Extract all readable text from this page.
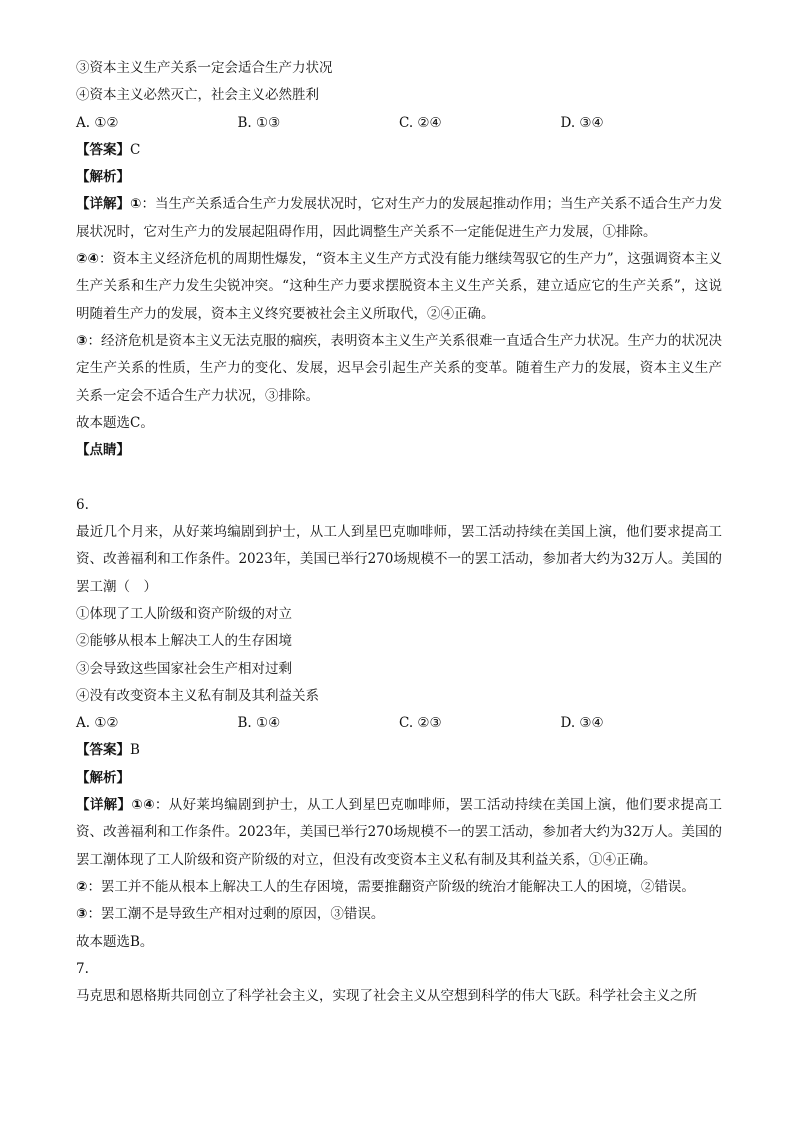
③资本主义生产关系一定会适合生产力状况
④资本主义必然灭亡，社会主义必然胜利
A. ①②	B. ①③	C. ②④	D. ③④
【答案】C
【解析】
【详解】①：当生产关系适合生产力发展状况时，它对生产力的发展起推动作用；当生产关系不适合生产力发展状况时，它对生产力的发展起阻碍作用，因此调整生产关系不一定能促进生产力发展，①排除。
②④：资本主义经济危机的周期性爆发，“资本主义生产方式没有能力继续驾驭它的生产力”，这强调资本主义生产关系和生产力发生尖锐冲突。“这种生产力要求摆脱资本主义生产关系，建立适应它的生产关系”，这说明随着生产力的发展，资本主义终究要被社会主义所取代，②④正确。
③：经济危机是资本主义无法克服的痼疾，表明资本主义生产关系很难一直适合生产力状况。生产力的状况决定生产关系的性质，生产力的变化、发展，迟早会引起生产关系的变革。随着生产力的发展，资本主义生产关系一定会不适合生产力状况，③排除。
故本题选C。
【点睛】
6.
最近几个月来，从好莱坞编剧到护士，从工人到星巴克咖啡师，罢工活动持续在美国上演，他们要求提高工资、改善福利和工作条件。2023年，美国已举行270场规模不一的罢工活动，参加者大约为32万人。美国的罢工潮（　）
①体现了工人阶级和资产阶级的对立
②能够从根本上解决工人的生存困境
③会导致这些国家社会生产相对过剩
④没有改变资本主义私有制及其利益关系
A. ①②	B. ①④	C. ②③	D. ③④
【答案】B
【解析】
【详解】①④：从好莱坞编剧到护士，从工人到星巴克咖啡师，罢工活动持续在美国上演，他们要求提高工资、改善福利和工作条件。2023年，美国已举行270场规模不一的罢工活动，参加者大约为32万人。美国的罢工潮体现了工人阶级和资产阶级的对立，但没有改变资本主义私有制及其利益关系，①④正确。
②：罢工并不能从根本上解决工人的生存困境，需要推翻资产阶级的统治才能解决工人的困境，②错误。
③：罢工潮不是导致生产相对过剩的原因，③错误。
故本题选B。
7.
马克思和恩格斯共同创立了科学社会主义，实现了社会主义从空想到科学的伟大飞跃。科学社会主义之所
